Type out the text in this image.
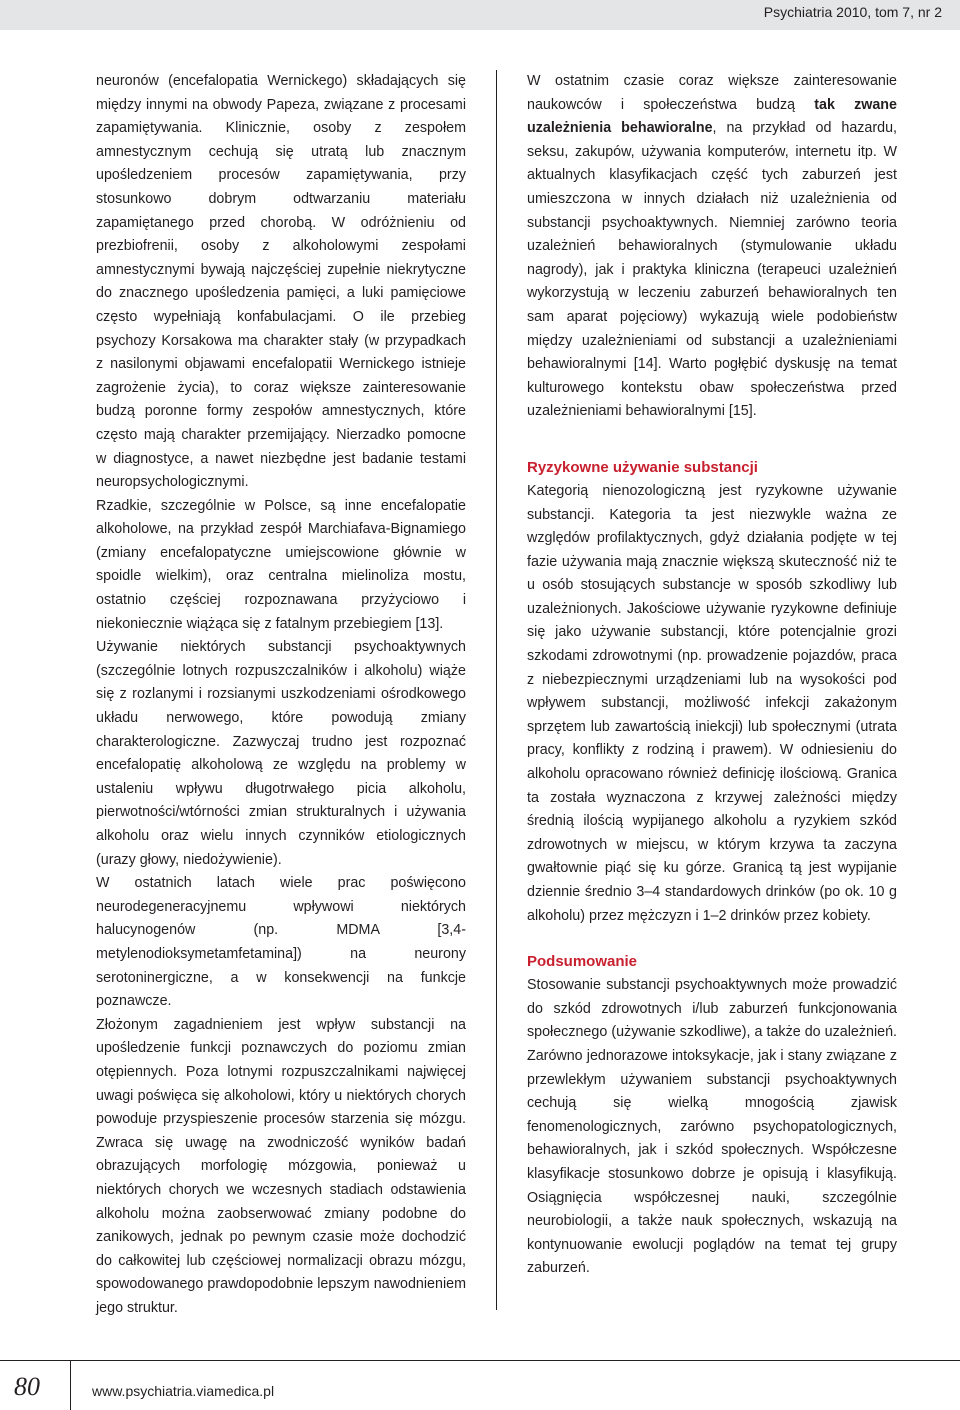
Psychiatria 2010, tom 7, nr 2

neuronów (encefalopatia Wernickego) składających się między innymi na obwody Papeza, związane z procesami zapamiętywania. Klinicznie, osoby z zespołem amnestycznym cechują się utratą lub znacznym upośledzeniem procesów zapamiętywania, przy stosunkowo dobrym odtwarzaniu materiału zapamiętanego przed chorobą. W odróżnieniu od prezbiofrenii, osoby z alkoholowymi zespołami amnestycznymi bywają najczęściej zupełnie niekrytyczne do znacznego upośledzenia pamięci, a luki pamięciowe często wypełniają konfabulacjami. O ile przebieg psychozy Korsakowa ma charakter stały (w przypadkach z nasilonymi objawami encefalopatii Wernickego istnieje zagrożenie życia), to coraz większe zainteresowanie budzą poronne formy zespołów amnestycznych, które często mają charakter przemijający. Nierzadko pomocne w diagnostyce, a nawet niezbędne jest badanie testami neuropsychologicznymi.

Rzadkie, szczególnie w Polsce, są inne encefalopatie alkoholowe, na przykład zespół Marchiafava-Bignamiego (zmiany encefalopatyczne umiejscowione głównie w spoidle wielkim), oraz centralna mielinoliza mostu, ostatnio częściej rozpoznawana przyżyciowo i niekoniecznie wiążąca się z fatalnym przebiegiem [13].

Używanie niektórych substancji psychoaktywnych (szczególnie lotnych rozpuszczalników i alkoholu) wiąże się z rozlanymi i rozsianymi uszkodzeniami ośrodkowego układu nerwowego, które powodują zmiany charakterologiczne. Zazwyczaj trudno jest rozpoznać encefalopatię alkoholową ze względu na problemy w ustaleniu wpływu długotrwałego picia alkoholu, pierwotności/wtórności zmian strukturalnych i używania alkoholu oraz wielu innych czynników etiologicznych (urazy głowy, niedożywienie).

W ostatnich latach wiele prac poświęcono neurodegeneracyjnemu wpływowi niektórych halucynogenów (np. MDMA [3,4-metylenodioksymetamfetamina]) na neurony serotoninergiczne, a w konsekwencji na funkcje poznawcze.

Złożonym zagadnieniem jest wpływ substancji na upośledzenie funkcji poznawczych do poziomu zmian otępiennych. Poza lotnymi rozpuszczalnikami najwięcej uwagi poświęca się alkoholowi, który u niektórych chorych powoduje przyspieszenie procesów starzenia się mózgu. Zwraca się uwagę na zwodniczość wyników badań obrazujących morfologię mózgowia, ponieważ u niektórych chorych we wczesnych stadiach odstawienia alkoholu można zaobserwować zmiany podobne do zanikowych, jednak po pewnym czasie może dochodzić do całkowitej lub częściowej normalizacji obrazu mózgu, spowodowanego prawdopodobnie lepszym nawodnieniem jego struktur.

W ostatnim czasie coraz większe zainteresowanie naukowców i społeczeństwa budzą tak zwane uzależnienia behawioralne, na przykład od hazardu, seksu, zakupów, używania komputerów, internetu itp. W aktualnych klasyfikacjach część tych zaburzeń jest umieszczona w innych działach niż uzależnienia od substancji psychoaktywnych. Niemniej zarówno teoria uzależnień behawioralnych (stymulowanie układu nagrody), jak i praktyka kliniczna (terapeuci uzależnień wykorzystują w leczeniu zaburzeń behawioralnych ten sam aparat pojęciowy) wykazują wiele podobieństw między uzależnieniami od substancji a uzależnieniami behawioralnymi [14]. Warto pogłębić dyskusję na temat kulturowego kontekstu obaw społeczeństwa przed uzależnieniami behawioralnymi [15].

Ryzykowne używanie substancji

Kategorią nienozologiczną jest ryzykowne używanie substancji. Kategoria ta jest niezwykle ważna ze względów profilaktycznych, gdyż działania podjęte w tej fazie używania mają znacznie większą skuteczność niż te u osób stosujących substancje w sposób szkodliwy lub uzależnionych. Jakościowe używanie ryzykowne definiuje się jako używanie substancji, które potencjalnie grozi szkodami zdrowotnymi (np. prowadzenie pojazdów, praca z niebezpiecznymi urządzeniami lub na wysokości pod wpływem substancji, możliwość infekcji zakażonym sprzętem lub zawartością iniekcji) lub społecznymi (utrata pracy, konflikty z rodziną i prawem). W odniesieniu do alkoholu opracowano również definicję ilościową. Granica ta została wyznaczona z krzywej zależności między średnią ilością wypijanego alkoholu a ryzykiem szkód zdrowotnych w miejscu, w którym krzywa ta zaczyna gwałtownie piąć się ku górze. Granicą tą jest wypijanie dziennie średnio 3–4 standardowych drinków (po ok. 10 g alkoholu) przez mężczyzn i 1–2 drinków przez kobiety.

Podsumowanie

Stosowanie substancji psychoaktywnych może prowadzić do szkód zdrowotnych i/lub zaburzeń funkcjonowania społecznego (używanie szkodliwe), a także do uzależnień. Zarówno jednorazowe intoksykacje, jak i stany związane z przewlekłym używaniem substancji psychoaktywnych cechują się wielką mnogością zjawisk fenomenologicznych, zarówno psychopatologicznych, behawioralnych, jak i szkód społecznych. Współczesne klasyfikacje stosunkowo dobrze je opisują i klasyfikują. Osiągnięcia współczesnej nauki, szczególnie neurobiologii, a także nauk społecznych, wskazują na kontynuowanie ewolucji poglądów na temat tej grupy zaburzeń.

80	www.psychiatria.viamedica.pl
